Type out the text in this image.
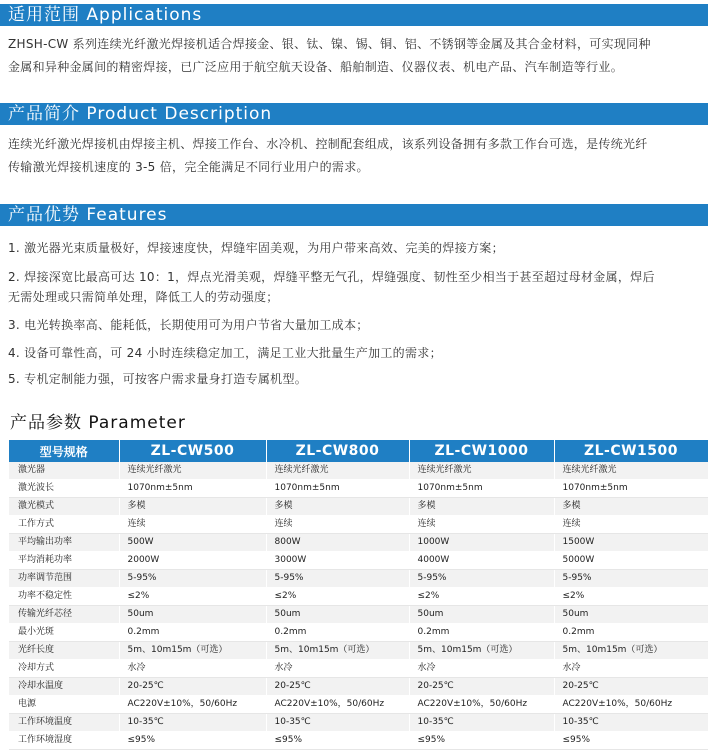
适用范围 Applications
ZHSH-CW 系列连续光纤激光焊接机适合焊接金、银、钛、镍、锡、铜、铝、不锈钢等金属及其合金材料，可实现同种
金属和异种金属间的精密焊接，已广泛应用于航空航天设备、船舶制造、仪器仪表、机电产品、汽车制造等行业。
产品简介 Product Description
连续光纤激光焊接机由焊接主机、焊接工作台、水冷机、控制配套组成，该系列设备拥有多款工作台可选，是传统光纤
传输激光焊接机速度的 3-5 倍，完全能满足不同行业用户的需求。
产品优势 Features
1. 激光器光束质量极好，焊接速度快，焊缝牢固美观，为用户带来高效、完美的焊接方案；
2. 焊接深宽比最高可达 10：1，焊点光滑美观，焊缝平整无气孔，焊缝强度、韧性至少相当于甚至超过母材金属，焊后
无需处理或只需简单处理，降低工人的劳动强度；
3. 电光转换率高、能耗低，长期使用可为用户节省大量加工成本；
4. 设备可靠性高，可 24 小时连续稳定加工，满足工业大批量生产加工的需求；
5. 专机定制能力强，可按客户需求量身打造专属机型。
产品参数 Parameter
型号规格	ZL-CW500	ZL-CW800	ZL-CW1000	ZL-CW1500
激光器	连续光纤激光	连续光纤激光	连续光纤激光	连续光纤激光
激光波长	1070nm±5nm	1070nm±5nm	1070nm±5nm	1070nm±5nm
激光模式	多模	多模	多模	多模
工作方式	连续	连续	连续	连续
平均输出功率	500W	800W	1000W	1500W
平均消耗功率	2000W	3000W	4000W	5000W
功率调节范围	5-95%	5-95%	5-95%	5-95%
功率不稳定性	≤2%	≤2%	≤2%	≤2%
传输光纤芯径	50um	50um	50um	50um
最小光斑	0.2mm	0.2mm	0.2mm	0.2mm
光纤长度	5m、10m15m（可选）	5m、10m15m（可选）	5m、10m15m（可选）	5m、10m15m（可选）
冷却方式	水冷	水冷	水冷	水冷
冷却水温度	20-25℃	20-25℃	20-25℃	20-25℃
电源	AC220V±10%，50/60Hz	AC220V±10%，50/60Hz	AC220V±10%，50/60Hz	AC220V±10%，50/60Hz
工作环境温度	10-35℃	10-35℃	10-35℃	10-35℃
工作环境湿度	≤95%	≤95%	≤95%	≤95%
